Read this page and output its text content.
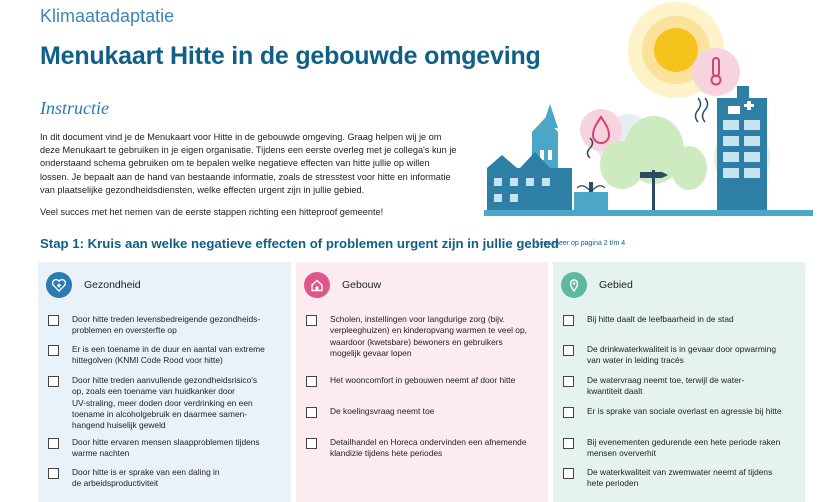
Klimaatadaptatie
Menukaart Hitte in de gebouwde omgeving
Instructie

In dit document vind je de Menukaart voor Hitte in de gebouwde omgeving. Graag helpen wij je om deze Menukaart te gebruiken in je eigen organisatie. Tijdens een eerste overleg met je collega's kun je onderstaand schema gebruiken om te bepalen welke negatieve effecten van hitte jullie op willen lossen. Je bepaalt aan de hand van bestaande informatie, zoals de stresstest voor hitte en informatie van plaatselijke gezondheidsdiensten, welke effecten urgent zijn in jullie gebied.

Veel succes met het nemen van de eerste stappen richting een hitteproof gemeente!

Stap 1: Kruis aan welke negatieve effecten of problemen urgent zijn in jullie gebied
Lees meer op pagina 2 t/m 4
Gezondheid
Door hitte treden levensbedreigende gezondheids-
problemen en oversterfte op
Er is een toename in de duur en aantal van extreme
hittegolven (KNMI Code Rood voor hitte)
Door hitte treden aanvullende gezondheidsrisico's
op, zoals een toename van huidkanker door
UV-straling, meer doden door verdrinking en een
toename in alcoholgebruik en daarmee samen-
hangend huiselijk geweld
Door hitte ervaren mensen slaapproblemen tijdens
warme nachten
Door hitte is er sprake van een daling in
de arbeidsproductiviteit
Gebouw
Scholen, instellingen voor langdurige zorg (bijv.
verpleeghuizen) en kinderopvang warmen te veel op,
waardoor (kwetsbare) bewoners en gebruikers
mogelijk gevaar lopen
Het wooncomfort in gebouwen neemt af door hitte
De koelingsvraag neemt toe
Detailhandel en Horeca ondervinden een afnemende
klandizie tijdens hete periodes
Gebied
Bij hitte daalt de leefbaarheid in de stad
De drinkwaterkwaliteit is in gevaar door opwarming
van water in leiding tracés
De watervraag neemt toe, terwijl de water-
kwantiteit daalt
Er is sprake van sociale overlast en agressie bij hitte
Bij evenementen gedurende een hete periode raken
mensen oververhit
De waterkwaliteit van zwemwater neemt af tijdens
hete perioden
